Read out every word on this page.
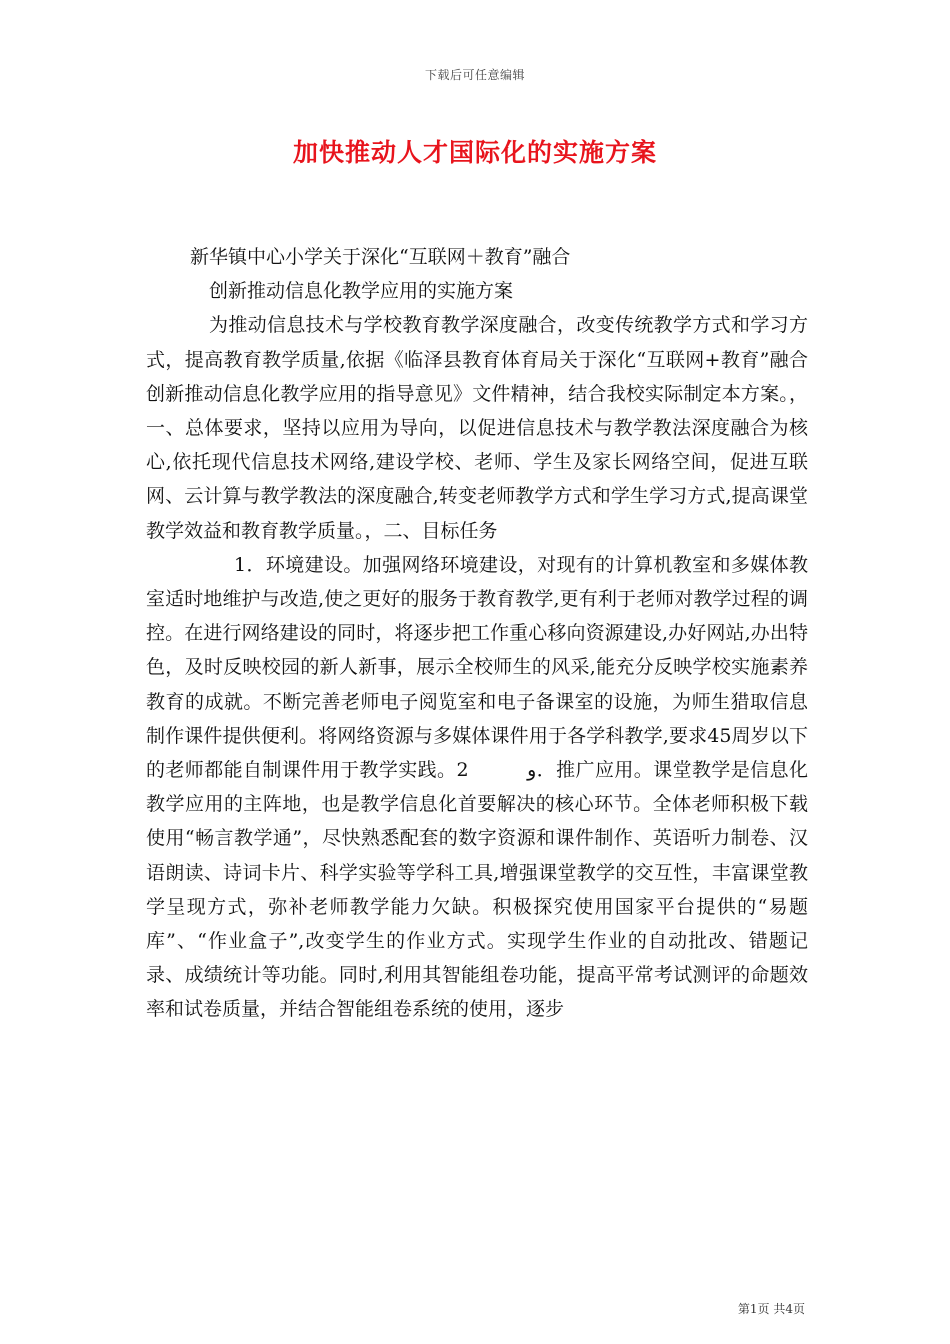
下载后可任意编辑
加快推动人才国际化的实施方案

新华镇中心小学关于深化“互联网＋教育”融合

创新推动信息化教学应用的实施方案

为推动信息技术与学校教育教学深度融合，改变传统教学方式和学习方式，提高教育教学质量,依据《临泽县教育体育局关于深化“互联网+教育”融合创新推动信息化教学应用的指导意见》文件精神，结合我校实际制定本方案。，一、总体要求，坚持以应用为导向，以促进信息技术与教学教法深度融合为核心,依托现代信息技术网络,建设学校、老师、学生及家长网络空间，促进互联网、云计算与教学教法的深度融合,转变老师教学方式和学生学习方式,提高课堂教学效益和教育教学质量。，二、目标任务

1．环境建设。加强网络环境建设，对现有的计算机教室和多媒体教室适时地维护与改造,使之更好的服务于教育教学,更有利于老师对教学过程的调控。在进行网络建设的同时，将逐步把工作重心移向资源建设,办好网站,办出特色，及时反映校园的新人新事，展示全校师生的风采,能充分反映学校实施素养教育的成就。不断完善老师电子阅览室和电子备课室的设施，为师生猎取信息制作课件提供便利。将网络资源与多媒体课件用于各学科教学,要求45周岁以下的老师都能自制课件用于教学实践。2　　　و．推广应用。课堂教学是信息化教学应用的主阵地，也是教学信息化首要解决的核心环节。全体老师积极下载使用“畅言教学通”，尽快熟悉配套的数字资源和课件制作、英语听力制卷、汉语朗读、诗词卡片、科学实验等学科工具,增强课堂教学的交互性，丰富课堂教学呈现方式，弥补老师教学能力欠缺。积极探究使用国家平台提供的“易题库”、“作业盒子”,改变学生的作业方式。实现学生作业的自动批改、错题记录、成绩统计等功能。同时,利用其智能组卷功能，提高平常考试测评的命题效率和试卷质量，并结合智能组卷系统的使用，逐步

第1页 共4页
